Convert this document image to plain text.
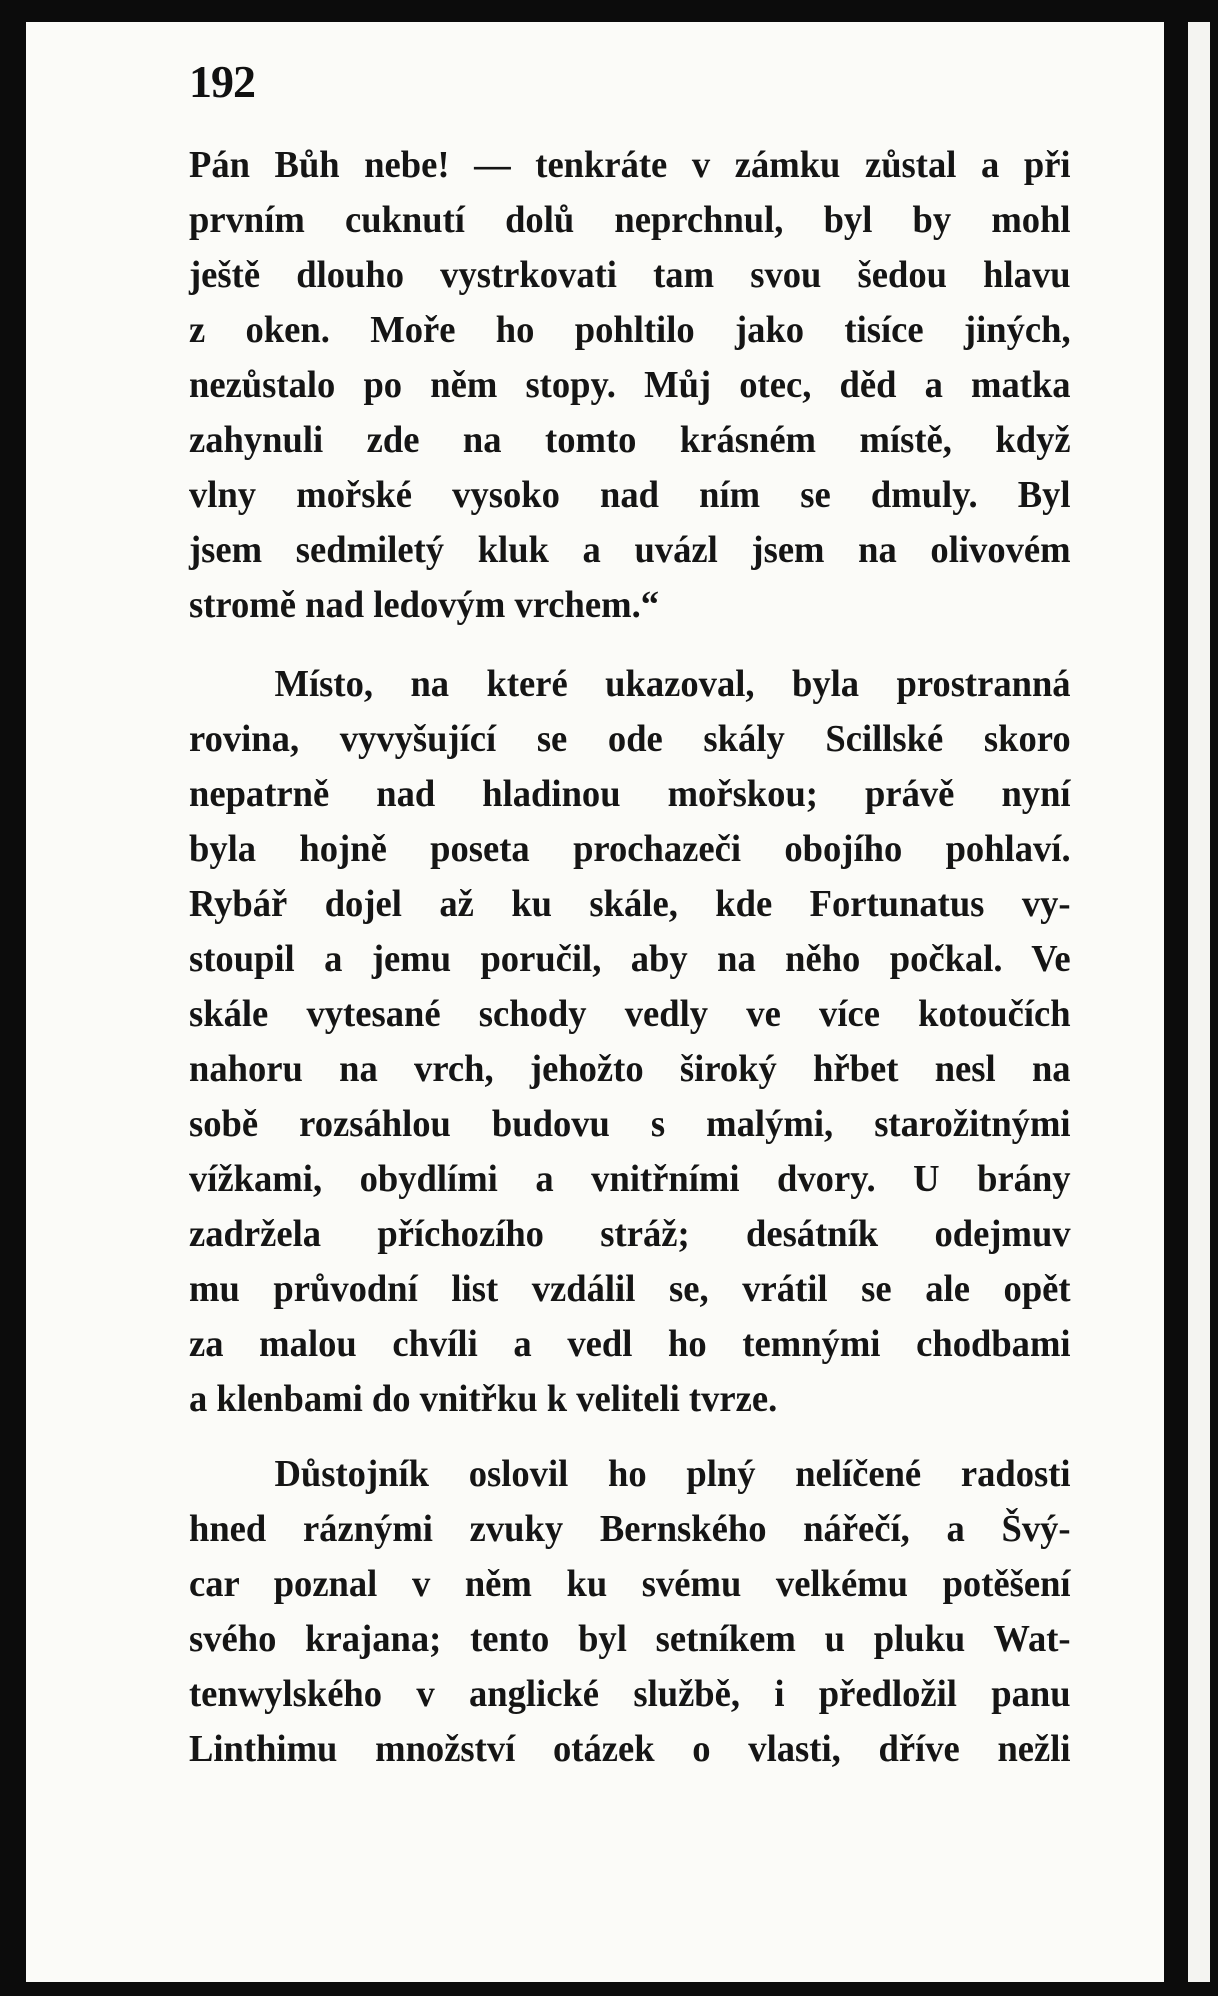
192

Pán Bůh nebe! — tenkráte v zámku zůstal a při
prvním cuknutí dolů neprchnul, byl by mohl
ještě dlouho vystrkovati tam svou šedou hlavu
z oken. Moře ho pohltilo jako tisíce jiných,
nezůstalo po něm stopy. Můj otec, děd a matka
zahynuli zde na tomto krásném místě, když
vlny mořské vysoko nad ním se dmuly. Byl
jsem sedmiletý kluk a uvázl jsem na olivovém
stromě nad ledovým vrchem.“
Místo, na které ukazoval, byla prostranná
rovina, vyvyšující se ode skály Scillské skoro
nepatrně nad hladinou mořskou; právě nyní
byla hojně poseta prochazeči obojího pohlaví.
Rybář dojel až ku skále, kde Fortunatus vy-
stoupil a jemu poručil, aby na něho počkal. Ve
skále vytesané schody vedly ve více kotoučích
nahoru na vrch, jehožto široký hřbet nesl na
sobě rozsáhlou budovu s malými, starožitnými
vížkami, obydlími a vnitřními dvory. U brány
zadržela příchozího stráž; desátník odejmuv
mu průvodní list vzdálil se, vrátil se ale opět
za malou chvíli a vedl ho temnými chodbami
a klenbami do vnitřku k veliteli tvrze.
Důstojník oslovil ho plný nelíčené radosti
hned ráznými zvuky Bernského nářečí, a Švý-
car poznal v něm ku svému velkému potěšení
svého krajana; tento byl setníkem u pluku Wat-
tenwylského v anglické službě, i předložil panu
Linthimu množství otázek o vlasti, dříve nežli
